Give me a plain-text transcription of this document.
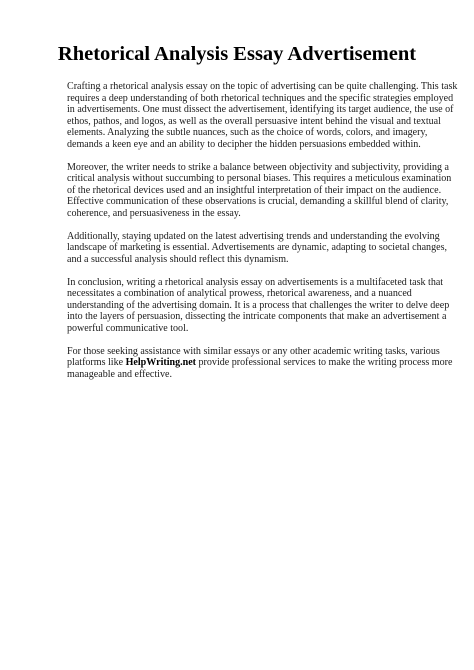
Rhetorical Analysis Essay Advertisement
Crafting a rhetorical analysis essay on the topic of advertising can be quite challenging. This task
requires a deep understanding of both rhetorical techniques and the specific strategies employed
in advertisements. One must dissect the advertisement, identifying its target audience, the use of
ethos, pathos, and logos, as well as the overall persuasive intent behind the visual and textual
elements. Analyzing the subtle nuances, such as the choice of words, colors, and imagery,
demands a keen eye and an ability to decipher the hidden persuasions embedded within.
Moreover, the writer needs to strike a balance between objectivity and subjectivity, providing a
critical analysis without succumbing to personal biases. This requires a meticulous examination
of the rhetorical devices used and an insightful interpretation of their impact on the audience.
Effective communication of these observations is crucial, demanding a skillful blend of clarity,
coherence, and persuasiveness in the essay.
Additionally, staying updated on the latest advertising trends and understanding the evolving
landscape of marketing is essential. Advertisements are dynamic, adapting to societal changes,
and a successful analysis should reflect this dynamism.
In conclusion, writing a rhetorical analysis essay on advertisements is a multifaceted task that
necessitates a combination of analytical prowess, rhetorical awareness, and a nuanced
understanding of the advertising domain. It is a process that challenges the writer to delve deep
into the layers of persuasion, dissecting the intricate components that make an advertisement a
powerful communicative tool.
For those seeking assistance with similar essays or any other academic writing tasks, various
platforms like HelpWriting.net provide professional services to make the writing process more
manageable and effective.
